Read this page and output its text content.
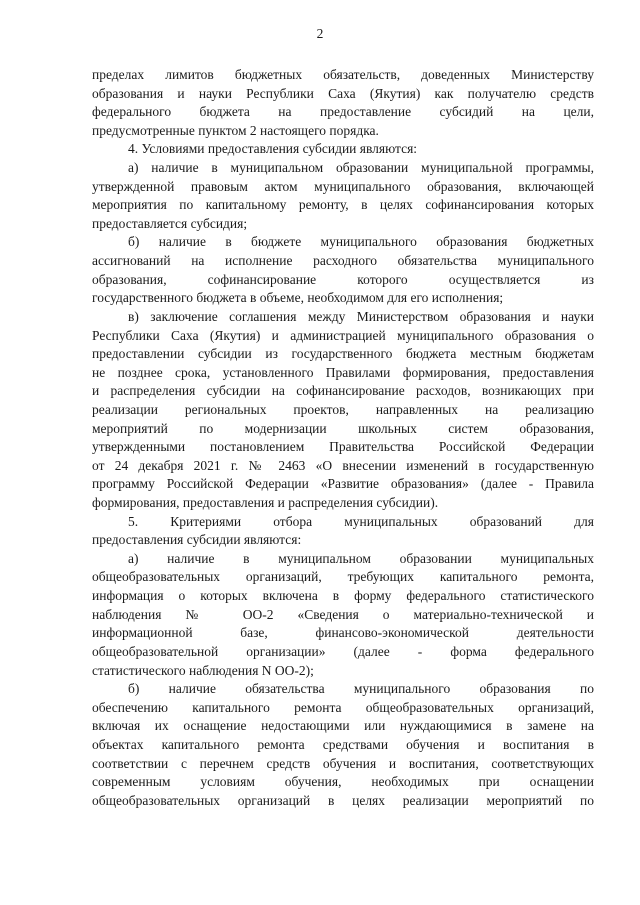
2
пределах лимитов бюджетных обязательств, доведенных Министерству
образования и науки Республики Саха (Якутия) как получателю средств
федерального бюджета на предоставление субсидий на цели,
предусмотренные пунктом 2 настоящего порядка.
4. Условиями предоставления субсидии являются:
а) наличие в муниципальном образовании муниципальной программы,
утвержденной правовым актом муниципального образования, включающей
мероприятия по капитальному ремонту, в целях софинансирования которых
предоставляется субсидия;
б) наличие в бюджете муниципального образования бюджетных
ассигнований на исполнение расходного обязательства муниципального
образования, софинансирование которого осуществляется из
государственного бюджета в объеме, необходимом для его исполнения;
в) заключение соглашения между Министерством образования и науки
Республики Саха (Якутия) и администрацией муниципального образования о
предоставлении субсидии из государственного бюджета местным бюджетам
не позднее срока, установленного Правилами формирования, предоставления
и распределения субсидии на софинансирование расходов, возникающих при
реализации региональных проектов, направленных на реализацию
мероприятий по модернизации школьных систем образования,
утвержденными постановлением Правительства Российской Федерации
от 24 декабря 2021 г. № 2463 «О внесении изменений в государственную
программу Российской Федерации «Развитие образования» (далее - Правила
формирования, предоставления и распределения субсидии).
5. Критериями отбора муниципальных образований для
предоставления субсидии являются:
а) наличие в муниципальном образовании муниципальных
общеобразовательных организаций, требующих капитального ремонта,
информация о которых включена в форму федерального статистического
наблюдения № ОО-2 «Сведения о материально-технической и
информационной базе, финансово-экономической деятельности
общеобразовательной организации» (далее - форма федерального
статистического наблюдения N ОО-2);
б) наличие обязательства муниципального образования по
обеспечению капитального ремонта общеобразовательных организаций,
включая их оснащение недостающими или нуждающимися в замене на
объектах капитального ремонта средствами обучения и воспитания в
соответствии с перечнем средств обучения и воспитания, соответствующих
современным условиям обучения, необходимых при оснащении
общеобразовательных организаций в целях реализации мероприятий по
